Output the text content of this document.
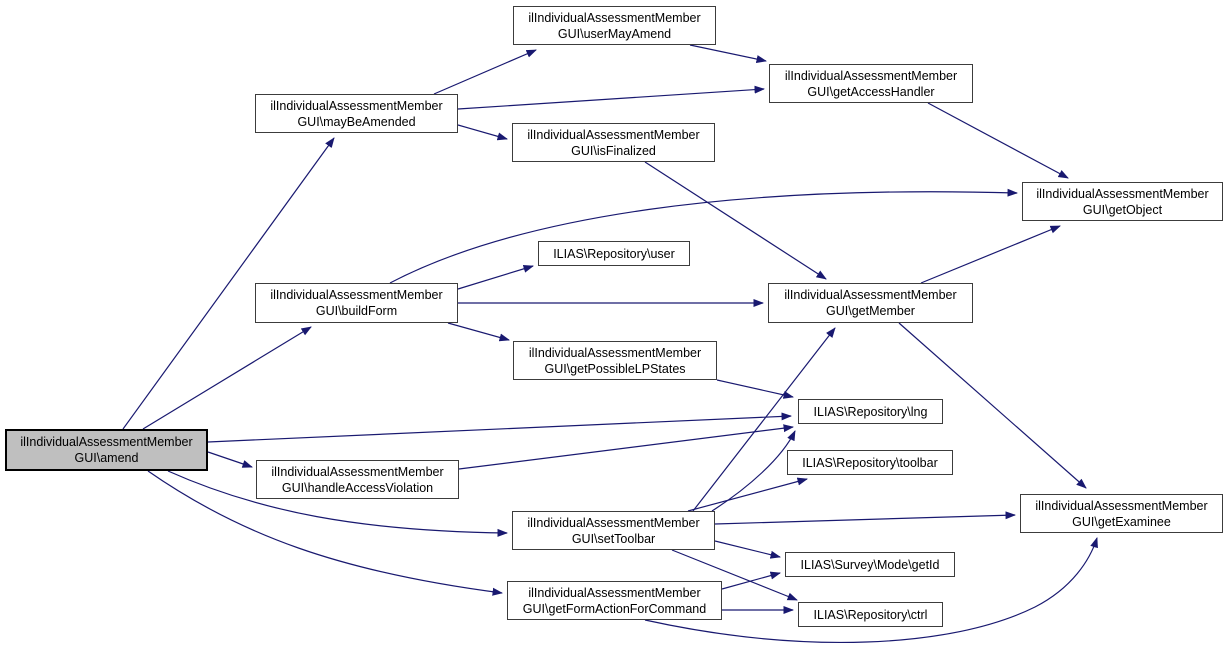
ilIndividualAssessmentMember
GUI\amend
ilIndividualAssessmentMember
GUI\mayBeAmended
ilIndividualAssessmentMember
GUI\userMayAmend
ilIndividualAssessmentMember
GUI\getAccessHandler
ilIndividualAssessmentMember
GUI\isFinalized
ilIndividualAssessmentMember
GUI\getObject
ILIAS\Repository\user
ilIndividualAssessmentMember
GUI\buildForm
ilIndividualAssessmentMember
GUI\getMember
ilIndividualAssessmentMember
GUI\getPossibleLPStates
ILIAS\Repository\lng
ILIAS\Repository\toolbar
ilIndividualAssessmentMember
GUI\handleAccessViolation
ilIndividualAssessmentMember
GUI\getExaminee
ilIndividualAssessmentMember
GUI\setToolbar
ILIAS\Survey\Mode\getId
ilIndividualAssessmentMember
GUI\getFormActionForCommand	ILIAS\Repository\ctrl
